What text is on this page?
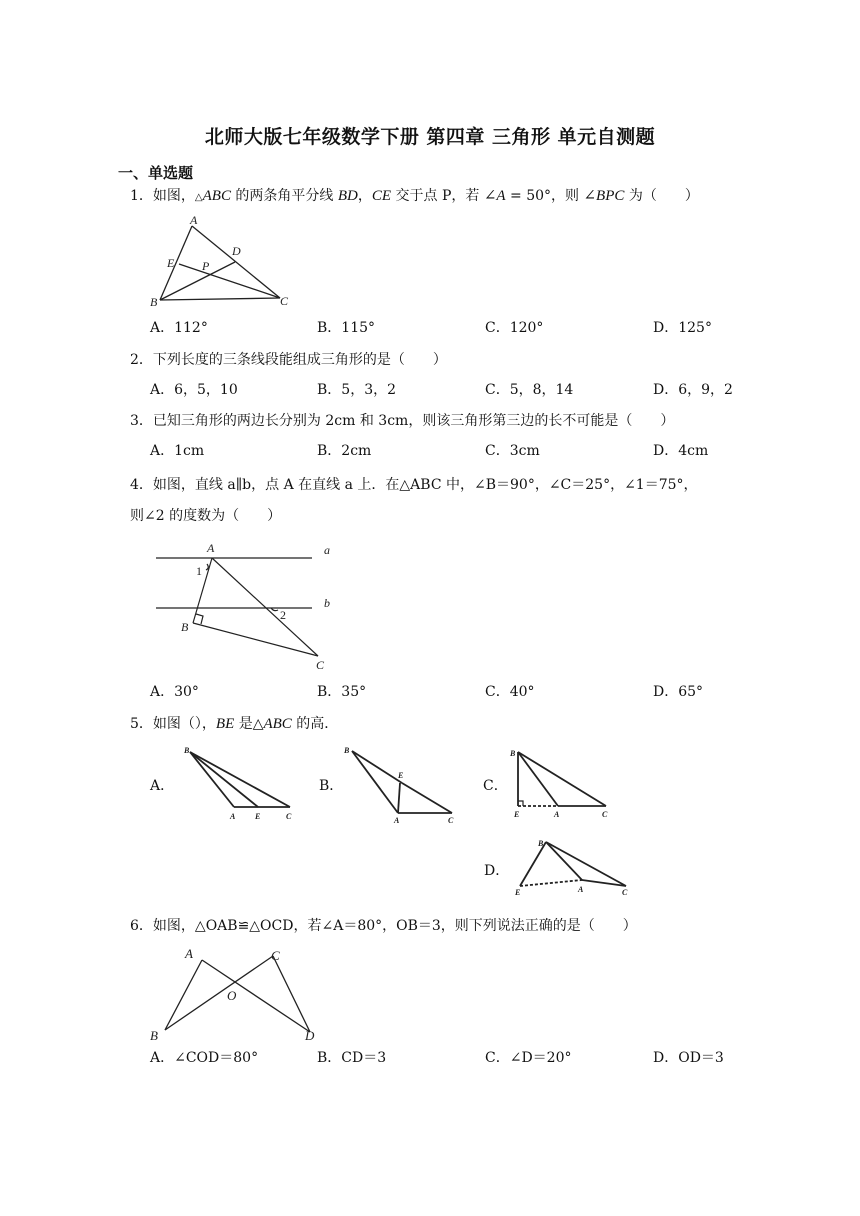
北师大版七年级数学下册 第四章 三角形 单元自测题
一、单选题
1．如图，△ABC 的两条角平分线 BD，CE 交于点 P，若 ∠A = 50°，则 ∠BPC 为（　　）
A
D
E P
B	C
A．112°	B．115°	C．120°	D．125°
2．下列长度的三条线段能组成三角形的是（　　）
A．6，5，10	B．5，3，2	C．5，8，14	D．6，9，2
3．已知三角形的两边长分别为 2cm 和 3cm，则该三角形第三边的长不可能是（　　）
A．1cm	B．2cm	C．3cm	D．4cm
4．如图，直线 a∥b，点 A 在直线 a 上．在△ABC 中，∠B＝90°，∠C＝25°，∠1＝75°，
则∠2 的度数为（　　）
A	a
1
b
2
B
C
A．30°	B．35°	C．40°	D．65°
5．如图（），BE 是△ABC 的高．
A．
B
A E	C
B．
B
E
A	C
C．
B
E	A	C
D．
B
E	A	C
6．如图，△OAB≌△OCD，若∠A＝80°，OB＝3，则下列说法正确的是（　　）
A	C
O
B	D
A．∠COD＝80°	B．CD＝3	C．∠D＝20°	D．OD＝3
